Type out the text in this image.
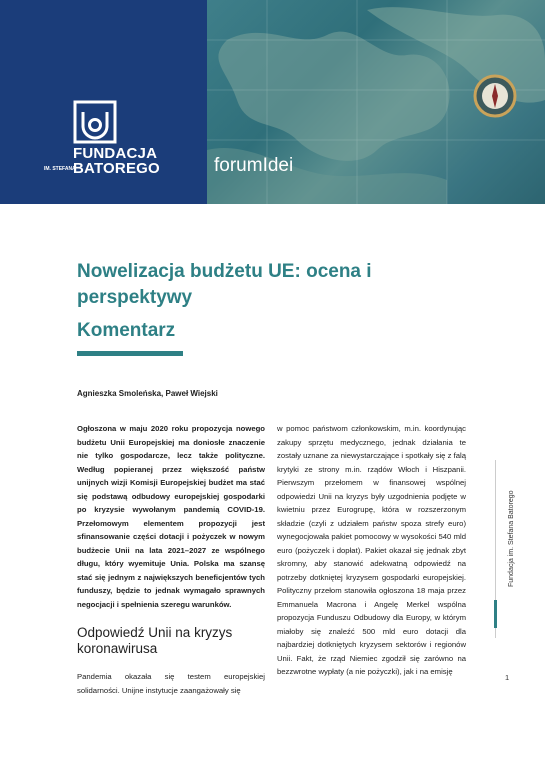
FUNDACJA
BATOREGO
IM. STEFANA	forumIdei
Nowelizacja budżetu UE: ocena i perspektywy
Komentarz
Agnieszka Smoleńska, Paweł Wiejski
Ogłoszona w maju 2020 roku propozycja nowego budżetu Unii Europejskiej ma doniosłe znaczenie nie tylko gospodarcze, lecz także polityczne. Według popieranej przez większość państw unijnych wizji Komisji Europejskiej budżet ma stać się podstawą odbudowy europejskiej gospodarki po kryzysie wywołanym pandemią COVID-19. Przełomowym elementem propozycji jest sfinansowanie części dotacji i pożyczek w nowym budżecie Unii na lata 2021–2027 ze wspólnego długu, który wyemituje Unia. Polska ma szansę stać się jednym z największych beneficjentów tych funduszy, będzie to jednak wymagało sprawnych negocjacji i spełnienia szeregu warunków.
Odpowiedź Unii na kryzys koronawirusa
Pandemia okazała się testem europejskiej solidarności. Unijne instytucje zaangażowały się
w pomoc państwom członkowskim, m.in. koordynując zakupy sprzętu medycznego, jednak działania te zostały uznane za niewystarczające i spotkały się z falą krytyki ze strony m.in. rządów Włoch i Hiszpanii. Pierwszym przełomem w finansowej wspólnej odpowiedzi Unii na kryzys były uzgodnienia podjęte w kwietniu przez Eurogrupę, która w rozszerzonym składzie (czyli z udziałem państw spoza strefy euro) wynegocjowała pakiet pomocowy w wysokości 540 mld euro (pożyczek i dopłat). Pakiet okazał się jednak zbyt skromny, aby stanowić adekwatną odpowiedź na potrzeby dotkniętej kryzysem gospodarki europejskiej. Polityczny przełom stanowiła ogłoszona 18 maja przez Emmanuela Macrona i Angelę Merkel wspólna propozycja Funduszu Odbudowy dla Europy, w którym miałoby się znaleźć 500 mld euro dotacji dla najbardziej dotkniętych kryzysem sektorów i regionów Unii. Fakt, że rząd Niemiec zgodził się zarówno na bezzwrotne wypłaty (a nie pożyczki), jak i na emisję
Fundacja im. Stefana Batorego
1
